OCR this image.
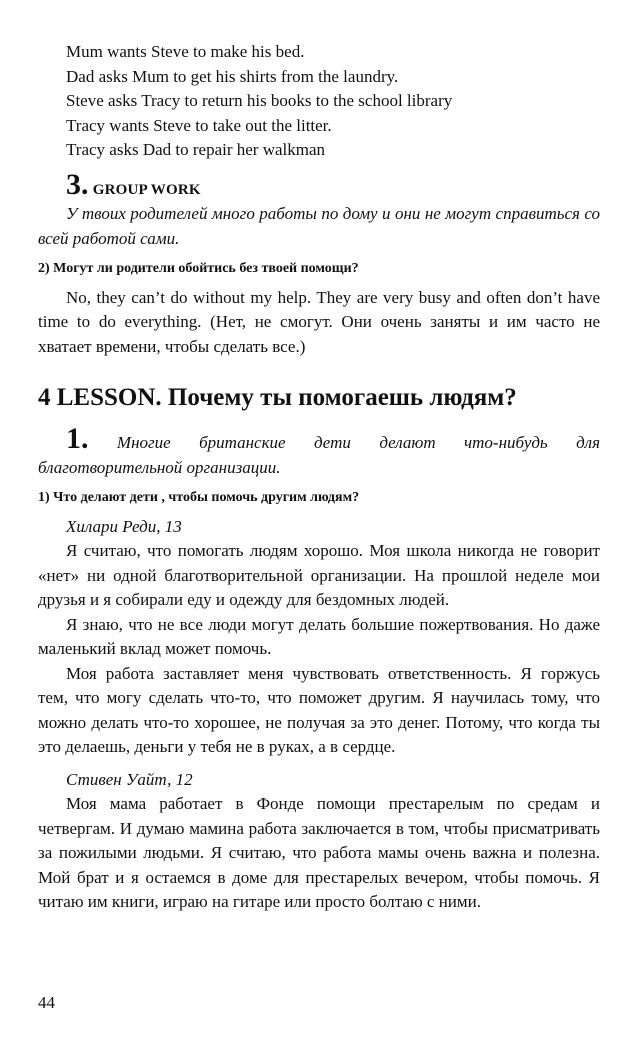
Mum wants Steve to make his bed.
Dad asks Mum to get his shirts from the laundry.
Steve asks Tracy to return his books to the school library
Tracy wants Steve to take out the litter.
Tracy asks Dad to repair her walkman
3. GROUP WORK

У твоих родителей много работы по дому и они не могут справиться со всей работой сами.

2) Могут ли родители обойтись без твоей помощи?

No, they can’t do without my help. They are very busy and often don’t have time to do everything. (Нет, не смогут. Они очень заняты и им часто не хватает времени, чтобы сделать все.)

4 LESSON. Почему ты помогаешь людям?

1. Многие британские дети делают что-нибудь для благотворительной организации.

1) Что делают дети , чтобы помочь другим людям?
Хилари Реди, 13

Я считаю, что помогать людям хорошо. Моя школа никогда не говорит «нет» ни одной благотворительной организации. На прошлой неделе мои друзья и я собирали еду и одежду для бездомных людей.

Я знаю, что не все люди могут делать большие пожертвования. Но даже маленький вклад может помочь.

Моя работа заставляет меня чувствовать ответственность. Я горжусь тем, что могу сделать что-то, что поможет другим. Я научилась тому, что можно делать что-то хорошее, не получая за это денег. Потому, что когда ты это делаешь, деньги у тебя не в руках, а в сердце.

Стивен Уайт, 12

Моя мама работает в Фонде помощи престарелым по средам и четвергам. И думаю мамина работа заключается в том, чтобы присматривать за пожилыми людьми. Я считаю, что работа мамы очень важна и полезна. Мой брат и я остаемся в доме для престарелых вечером, чтобы помочь. Я читаю им книги, играю на гитаре или просто болтаю с ними.

44
